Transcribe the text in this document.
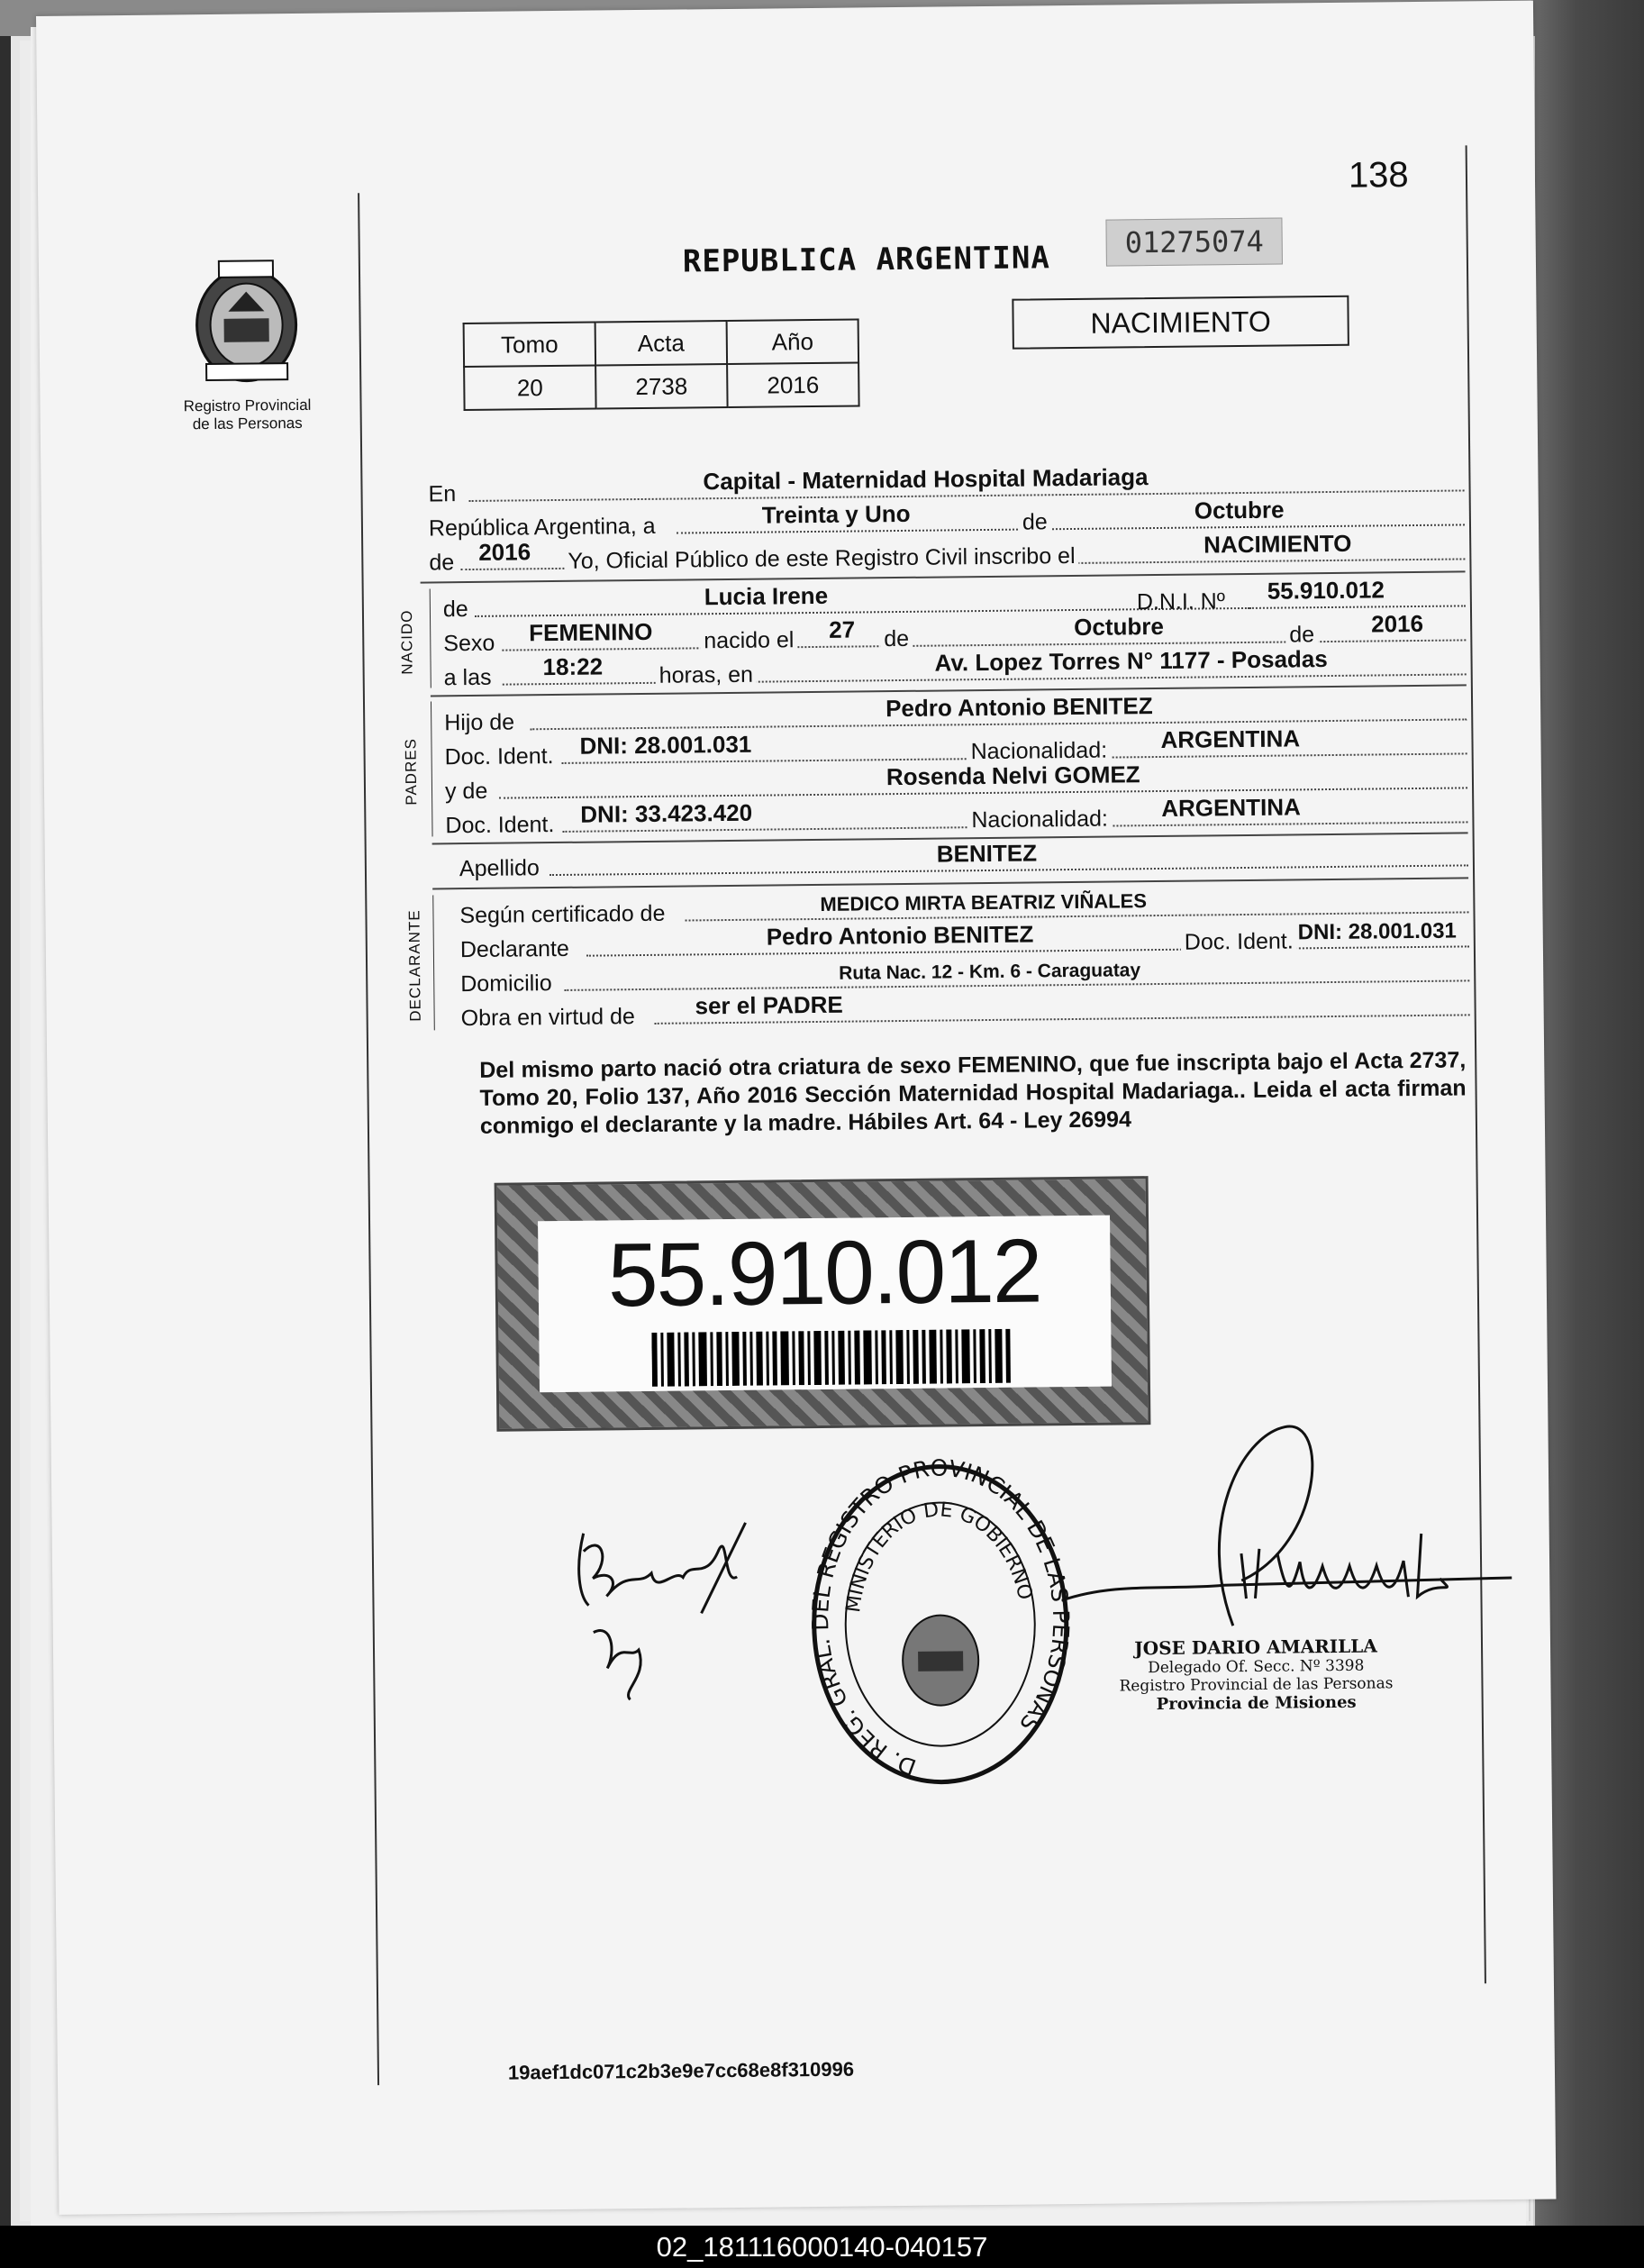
138
Registro Provincial
de las Personas
REPUBLICA ARGENTINA	01275074
NACIMIENTO
Tomo	Acta	Año
20	2738	2016
En	Capital - Maternidad Hospital Madariaga
República Argentina, a	Treinta y Uno	de	Octubre
de 2016 Yo, Oficial Público de este Registro Civil inscribo el	NACIMIENTO
NACIDO
de	Lucia Irene	D.N.I. Nº 55.910.012
Sexo FEMENINO nacido el 27 de	Octubre	de 2016
a las 18:22 horas, en	Av. Lopez Torres N° 1177 - Posadas
PADRES
Hijo de
Pedro Antonio BENITEZ
Doc. Ident. DNI: 28.001.031	Nacionalidad: ARGENTINA
y de
Rosenda Nelvi GOMEZ
Doc. Ident. DNI: 33.423.420	Nacionalidad: ARGENTINA
Apellido
BENITEZ
DECLARANTE Según certificado de	MEDICO MIRTA BEATRIZ VIÑALES
Declarante	Pedro Antonio BENITEZ	Doc. Ident. DNI: 28.001.031
Domicilio	Ruta Nac. 12 - Km. 6 - Caraguatay
Obra en virtud de	ser el PADRE
Del mismo parto nació otra criatura de sexo FEMENINO, que fue inscripta bajo el Acta 2737, Tomo 20, Folio 137, Año 2016 Sección Maternidad Hospital Madariaga.. Leida el acta firman conmigo el declarante y la madre. Hábiles Art. 64 - Ley 26994
55.910.012
D. REG. GRAL. DEL REGISTRO PROVINCIAL DE LAS PERSONAS
MINISTERIO DE GOBIERNO
JOSE DARIO AMARILLA
Delegado Of. Secc. Nº 3398
Registro Provincial de las Personas
Provincia de Misiones
19aef1dc071c2b3e9e7cc68e8f310996
02_181116000140-040157
